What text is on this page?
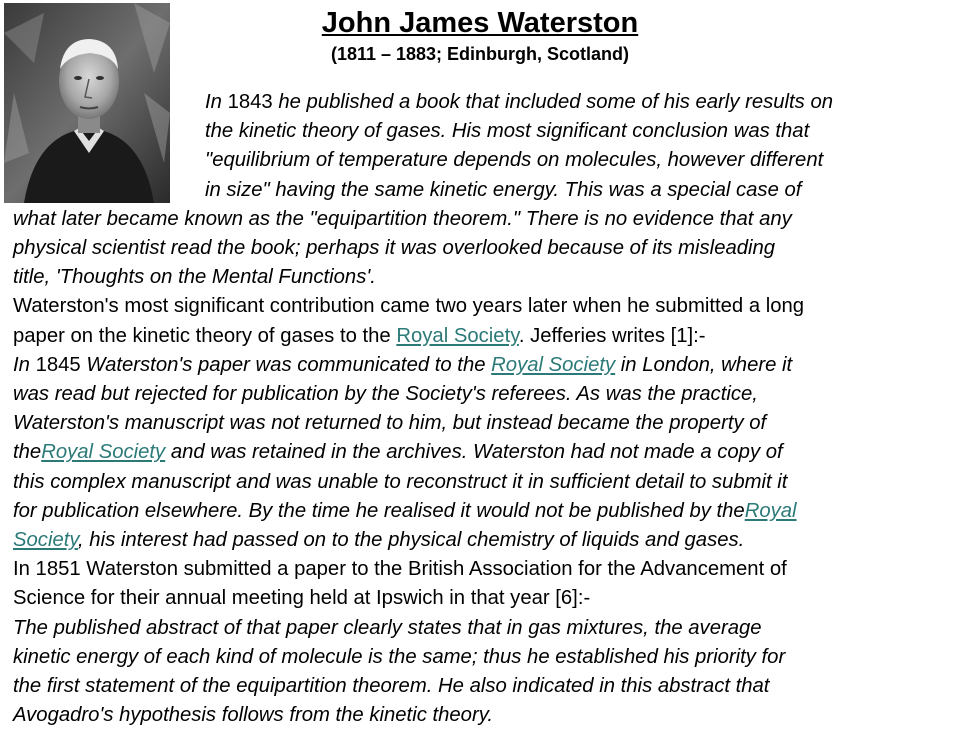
John James Waterston
(1811 – 1883; Edinburgh, Scotland)
In 1843 he published a book that included some of his early results on
the kinetic theory of gases. His most significant conclusion was that
"equilibrium of temperature depends on molecules, however different
in size" having the same kinetic energy. This was a special case of
what later became known as the "equipartition theorem." There is no evidence that any
physical scientist read the book; perhaps it was overlooked because of its misleading
title, 'Thoughts on the Mental Functions'.
Waterston's most significant contribution came two years later when he submitted a long
paper on the kinetic theory of gases to the Royal Society. Jefferies writes [1]:-
In 1845 Waterston's paper was communicated to the Royal Society in London, where it
was read but rejected for publication by the Society's referees. As was the practice,
Waterston's manuscript was not returned to him, but instead became the property of
theRoyal Society and was retained in the archives. Waterston had not made a copy of
this complex manuscript and was unable to reconstruct it in sufficient detail to submit it
for publication elsewhere. By the time he realised it would not be published by theRoyal
Society, his interest had passed on to the physical chemistry of liquids and gases.
In 1851 Waterston submitted a paper to the British Association for the Advancement of
Science for their annual meeting held at Ipswich in that year [6]:-
The published abstract of that paper clearly states that in gas mixtures, the average
kinetic energy of each kind of molecule is the same; thus he established his priority for
the first statement of the equipartition theorem. He also indicated in this abstract that
Avogadro's hypothesis follows from the kinetic theory.
